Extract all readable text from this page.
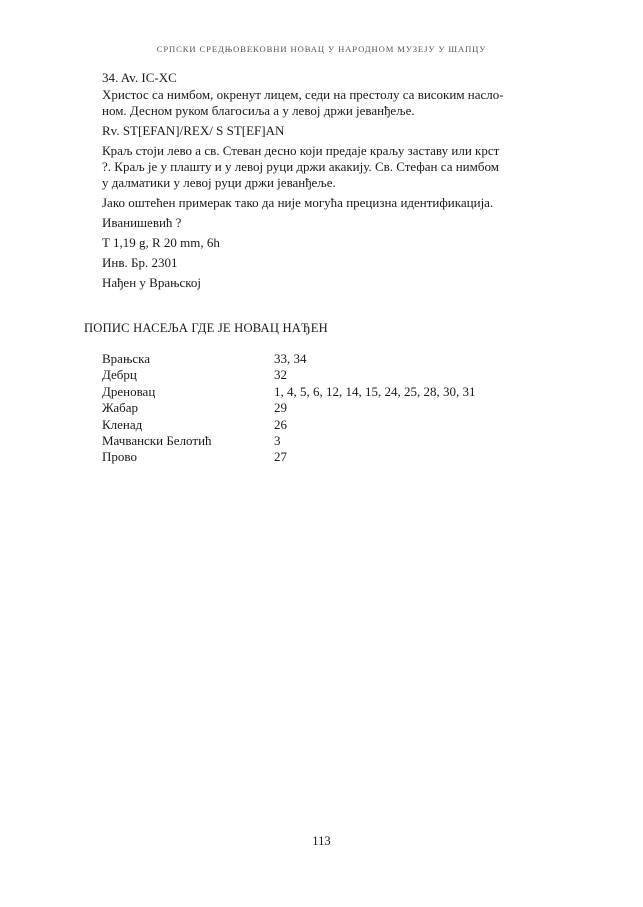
СРПСКИ СРЕДЊОВЕКОВНИ НОВАЦ У НАРОДНОМ МУЗЕЈУ У ШАПЦУ

34. Av. IC-XC

Христос са нимбом, окренут лицем, седи на престолу са високим насло-
ном. Десном руком благосиља а у левој држи јеванђеље.

Rv. ST[EFAN]/REX/ S ST[EF]AN

Краљ стоји лево а св. Стеван десно који предаје краљу заставу или крст
?. Краљ је у плашту и у левој руци држи акакију. Св. Стефан са нимбом
у далматики у левој руци држи јеванђеље.

Јако оштећен примерак тако да није могућа прецизна идентификација.

Иванишевић ?

T 1,19 g, R 20 mm, 6h

Инв. Бр. 2301

Нађен у Врањској

ПОПИС НАСЕЉА ГДЕ ЈЕ НОВАЦ НАЂЕН
Врањска	33, 34
Дебрц	32
Дреновац	1, 4, 5, 6, 12, 14, 15, 24, 25, 28, 30, 31
Жабар	29
Кленад	26
Мачвански Белотић	3
Прово	27
113
